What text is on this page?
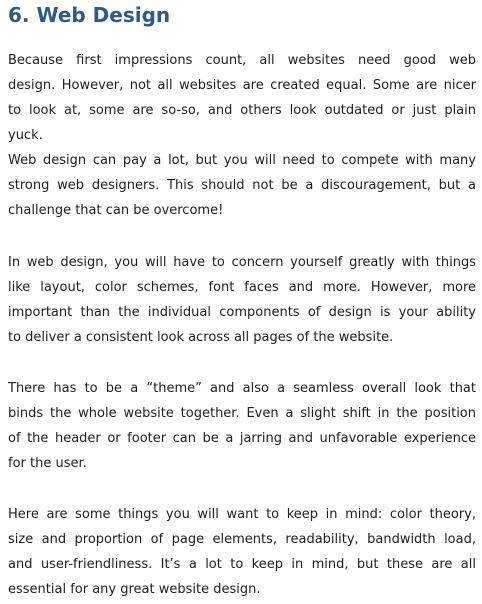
6. Web Design

Because first impressions count, all websites need good web
design. However, not all websites are created equal. Some are nicer
to look at, some are so-so, and others look outdated or just plain
yuck.

Web design can pay a lot, but you will need to compete with many
strong web designers. This should not be a discouragement, but a
challenge that can be overcome!

In web design, you will have to concern yourself greatly with things
like layout, color schemes, font faces and more. However, more
important than the individual components of design is your ability
to deliver a consistent look across all pages of the website.

There has to be a “theme” and also a seamless overall look that
binds the whole website together. Even a slight shift in the position
of the header or footer can be a jarring and unfavorable experience
for the user.

Here are some things you will want to keep in mind: color theory,
size and proportion of page elements, readability, bandwidth load,
and user-friendliness. It’s a lot to keep in mind, but these are all
essential for any great website design.
